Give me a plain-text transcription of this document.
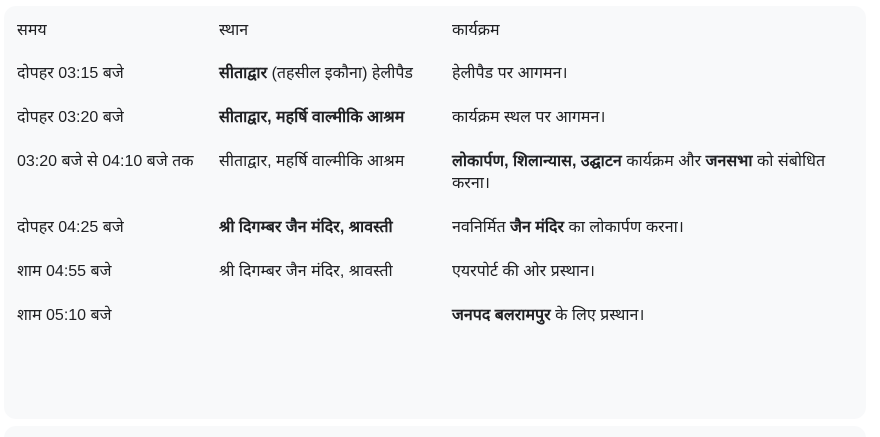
समय	स्थान	कार्यक्रम
दोपहर 03:15 बजे	सीताद्वार (तहसील इकौना) हेलीपैड	हेलीपैड पर आगमन।
दोपहर 03:20 बजे	सीताद्वार, महर्षि वाल्मीकि आश्रम	कार्यक्रम स्थल पर आगमन।
03:20 बजे से 04:10 बजे तक	सीताद्वार, महर्षि वाल्मीकि आश्रम	लोकार्पण, शिलान्यास, उद्घाटन कार्यक्रम और जनसभा को संबोधित करना।
दोपहर 04:25 बजे	श्री दिगम्बर जैन मंदिर, श्रावस्ती	नवनिर्मित जैन मंदिर का लोकार्पण करना।
शाम 04:55 बजे	श्री दिगम्बर जैन मंदिर, श्रावस्ती	एयरपोर्ट की ओर प्रस्थान।
शाम 05:10 बजे		जनपद बलरामपुर के लिए प्रस्थान।
